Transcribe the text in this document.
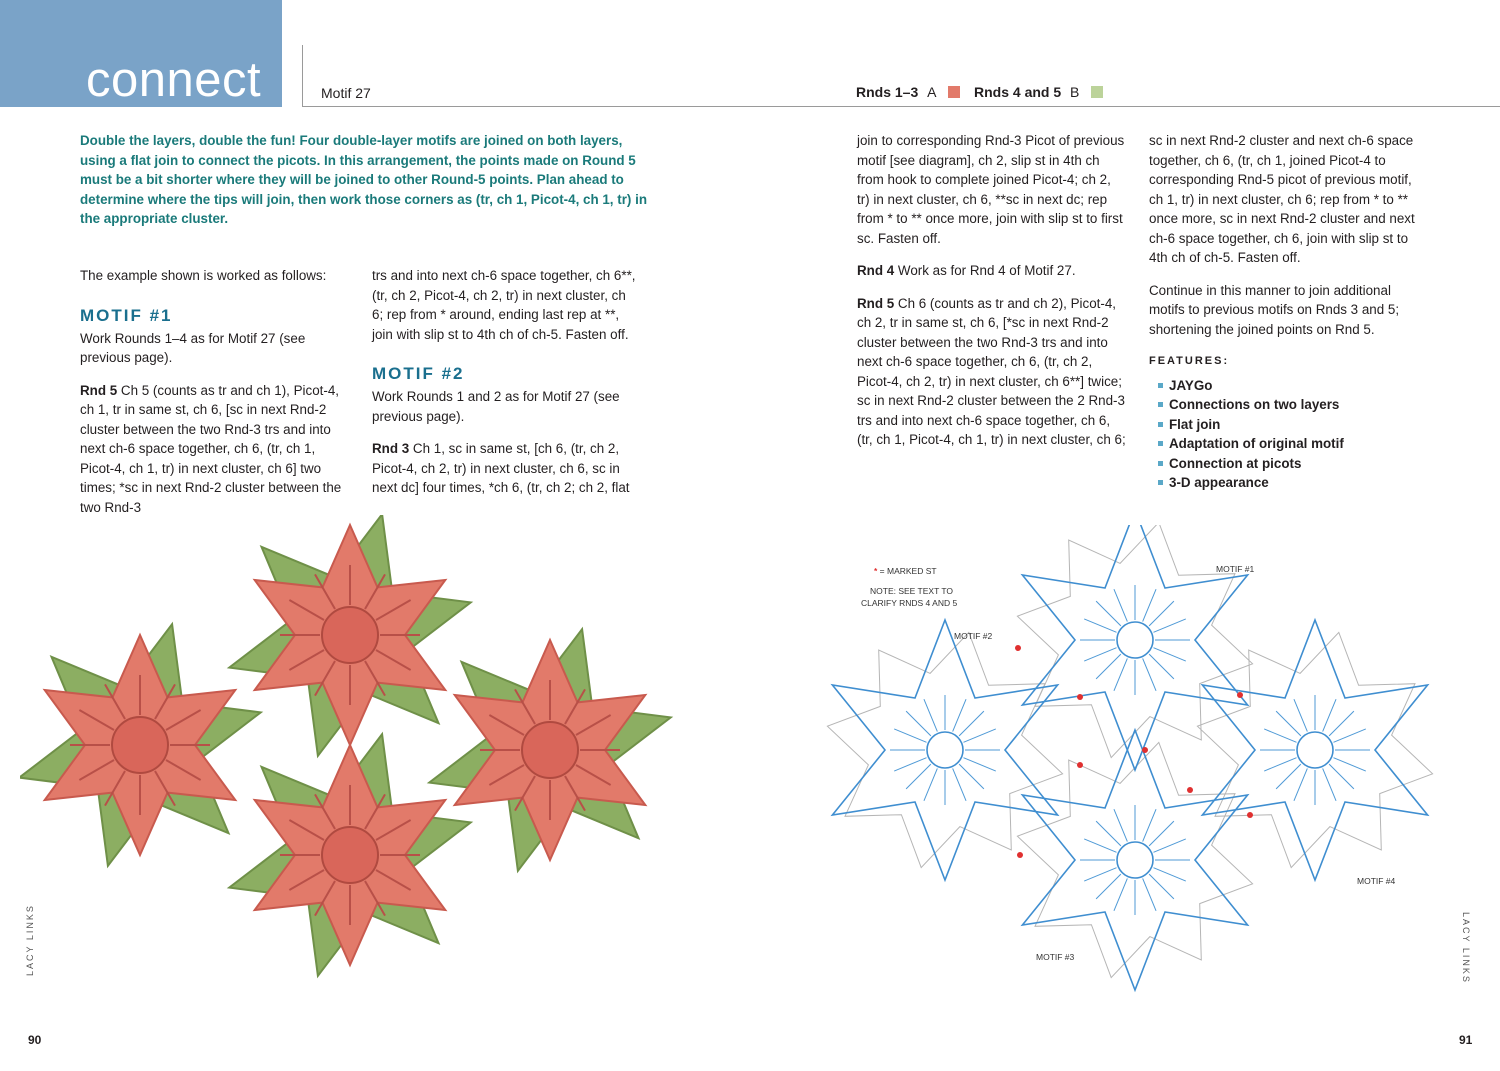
connect	Motif 27	Rnds 1–3 A	Rnds 4 and 5 B
Double the layers, double the fun! Four double-layer motifs are joined on both layers, using a flat join to connect the picots. In this arrangement, the points made on Round 5 must be a bit shorter where they will be joined to other Round-5 points. Plan ahead to determine where the tips will join, then work those corners as (tr, ch 1, Picot-4, ch 1, tr) in the appropriate cluster.

The example shown is worked as follows:

MOTIF #1

Work Rounds 1–4 as for Motif 27 (see previous page).

Rnd 5 Ch 5 (counts as tr and ch 1), Picot-4, ch 1, tr in same st, ch 6, [sc in next Rnd-2 cluster between the two Rnd-3 trs and into next ch-6 space together, ch 6, (tr, ch 1, Picot-4, ch 1, tr) in next cluster, ch 6] two times; *sc in next Rnd-2 cluster between the two Rnd-3

trs and into next ch-6 space together, ch 6**, (tr, ch 2, Picot-4, ch 2, tr) in next cluster, ch 6; rep from * around, ending last rep at **, join with slip st to 4th ch of ch-5. Fasten off.

MOTIF #2

Work Rounds 1 and 2 as for Motif 27 (see previous page).

Rnd 3 Ch 1, sc in same st, [ch 6, (tr, ch 2, Picot-4, ch 2, tr) in next cluster, ch 6, sc in next dc] four times, *ch 6, (tr, ch 2; ch 2, flat

join to corresponding Rnd-3 Picot of previous motif [see diagram], ch 2, slip st in 4th ch from hook to complete joined Picot-4; ch 2, tr) in next cluster, ch 6, **sc in next dc; rep from * to ** once more, join with slip st to first sc. Fasten off.

Rnd 4 Work as for Rnd 4 of Motif 27.

Rnd 5 Ch 6 (counts as tr and ch 2), Picot-4, ch 2, tr in same st, ch 6, [*sc in next Rnd-2 cluster between the two Rnd-3 trs and into next ch-6 space together, ch 6, (tr, ch 2, Picot-4, ch 2, tr) in next cluster, ch 6**] twice; sc in next Rnd-2 cluster between the 2 Rnd-3 trs and into next ch-6 space together, ch 6, (tr, ch 1, Picot-4, ch 1, tr) in next cluster, ch 6;

sc in next Rnd-2 cluster and next ch-6 space together, ch 6, (tr, ch 1, joined Picot-4 to corresponding Rnd-5 picot of previous motif, ch 1, tr) in next cluster, ch 6; rep from * to ** once more, sc in next Rnd-2 cluster and next ch-6 space together, ch 6, join with slip st to 4th ch of ch-5. Fasten off.

Continue in this manner to join additional motifs to previous motifs on Rnds 3 and 5; shortening the joined points on Rnd 5.

FEATURES:
JAYGo
Connections on two layers
Flat join
Adaptation of original motif
Connection at picots
3-D appearance
* = MARKED ST
NOTE: SEE TEXT TO
CLARIFY RNDS 4 AND 5
MOTIF #1
MOTIF #2
MOTIF #3
MOTIF #4
LACY LINKS	LACY LINKS
90	91
